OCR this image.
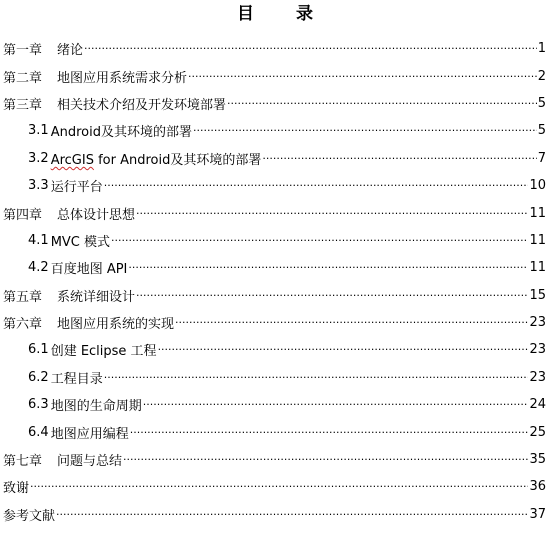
目 录
第一章 绪论 ·····	1
第二章 地图应用系统需求分析 ·····	2
第三章 相关技术介绍及开发环境部署 ·····	5
3.1 Android及其环境的部署 ·····	5
3.2 ArcGIS for Android及其环境的部署 ·····	7
3.3 运行平台 ·····	10
第四章 总体设计思想 ·····	11
4.1 MVC 模式 ·····	11
4.2 百度地图 API ·····	11
第五章 系统详细设计 ·····	15
第六章 地图应用系统的实现 ·····	23
6.1 创建 Eclipse 工程 ·····	23
6.2 工程目录 ·····	23
6.3 地图的生命周期 ·····	24
6.4 地图应用编程 ·····	25
第七章 问题与总结 ·····	35
致谢 ·····	36
参考文献 ·····	37
